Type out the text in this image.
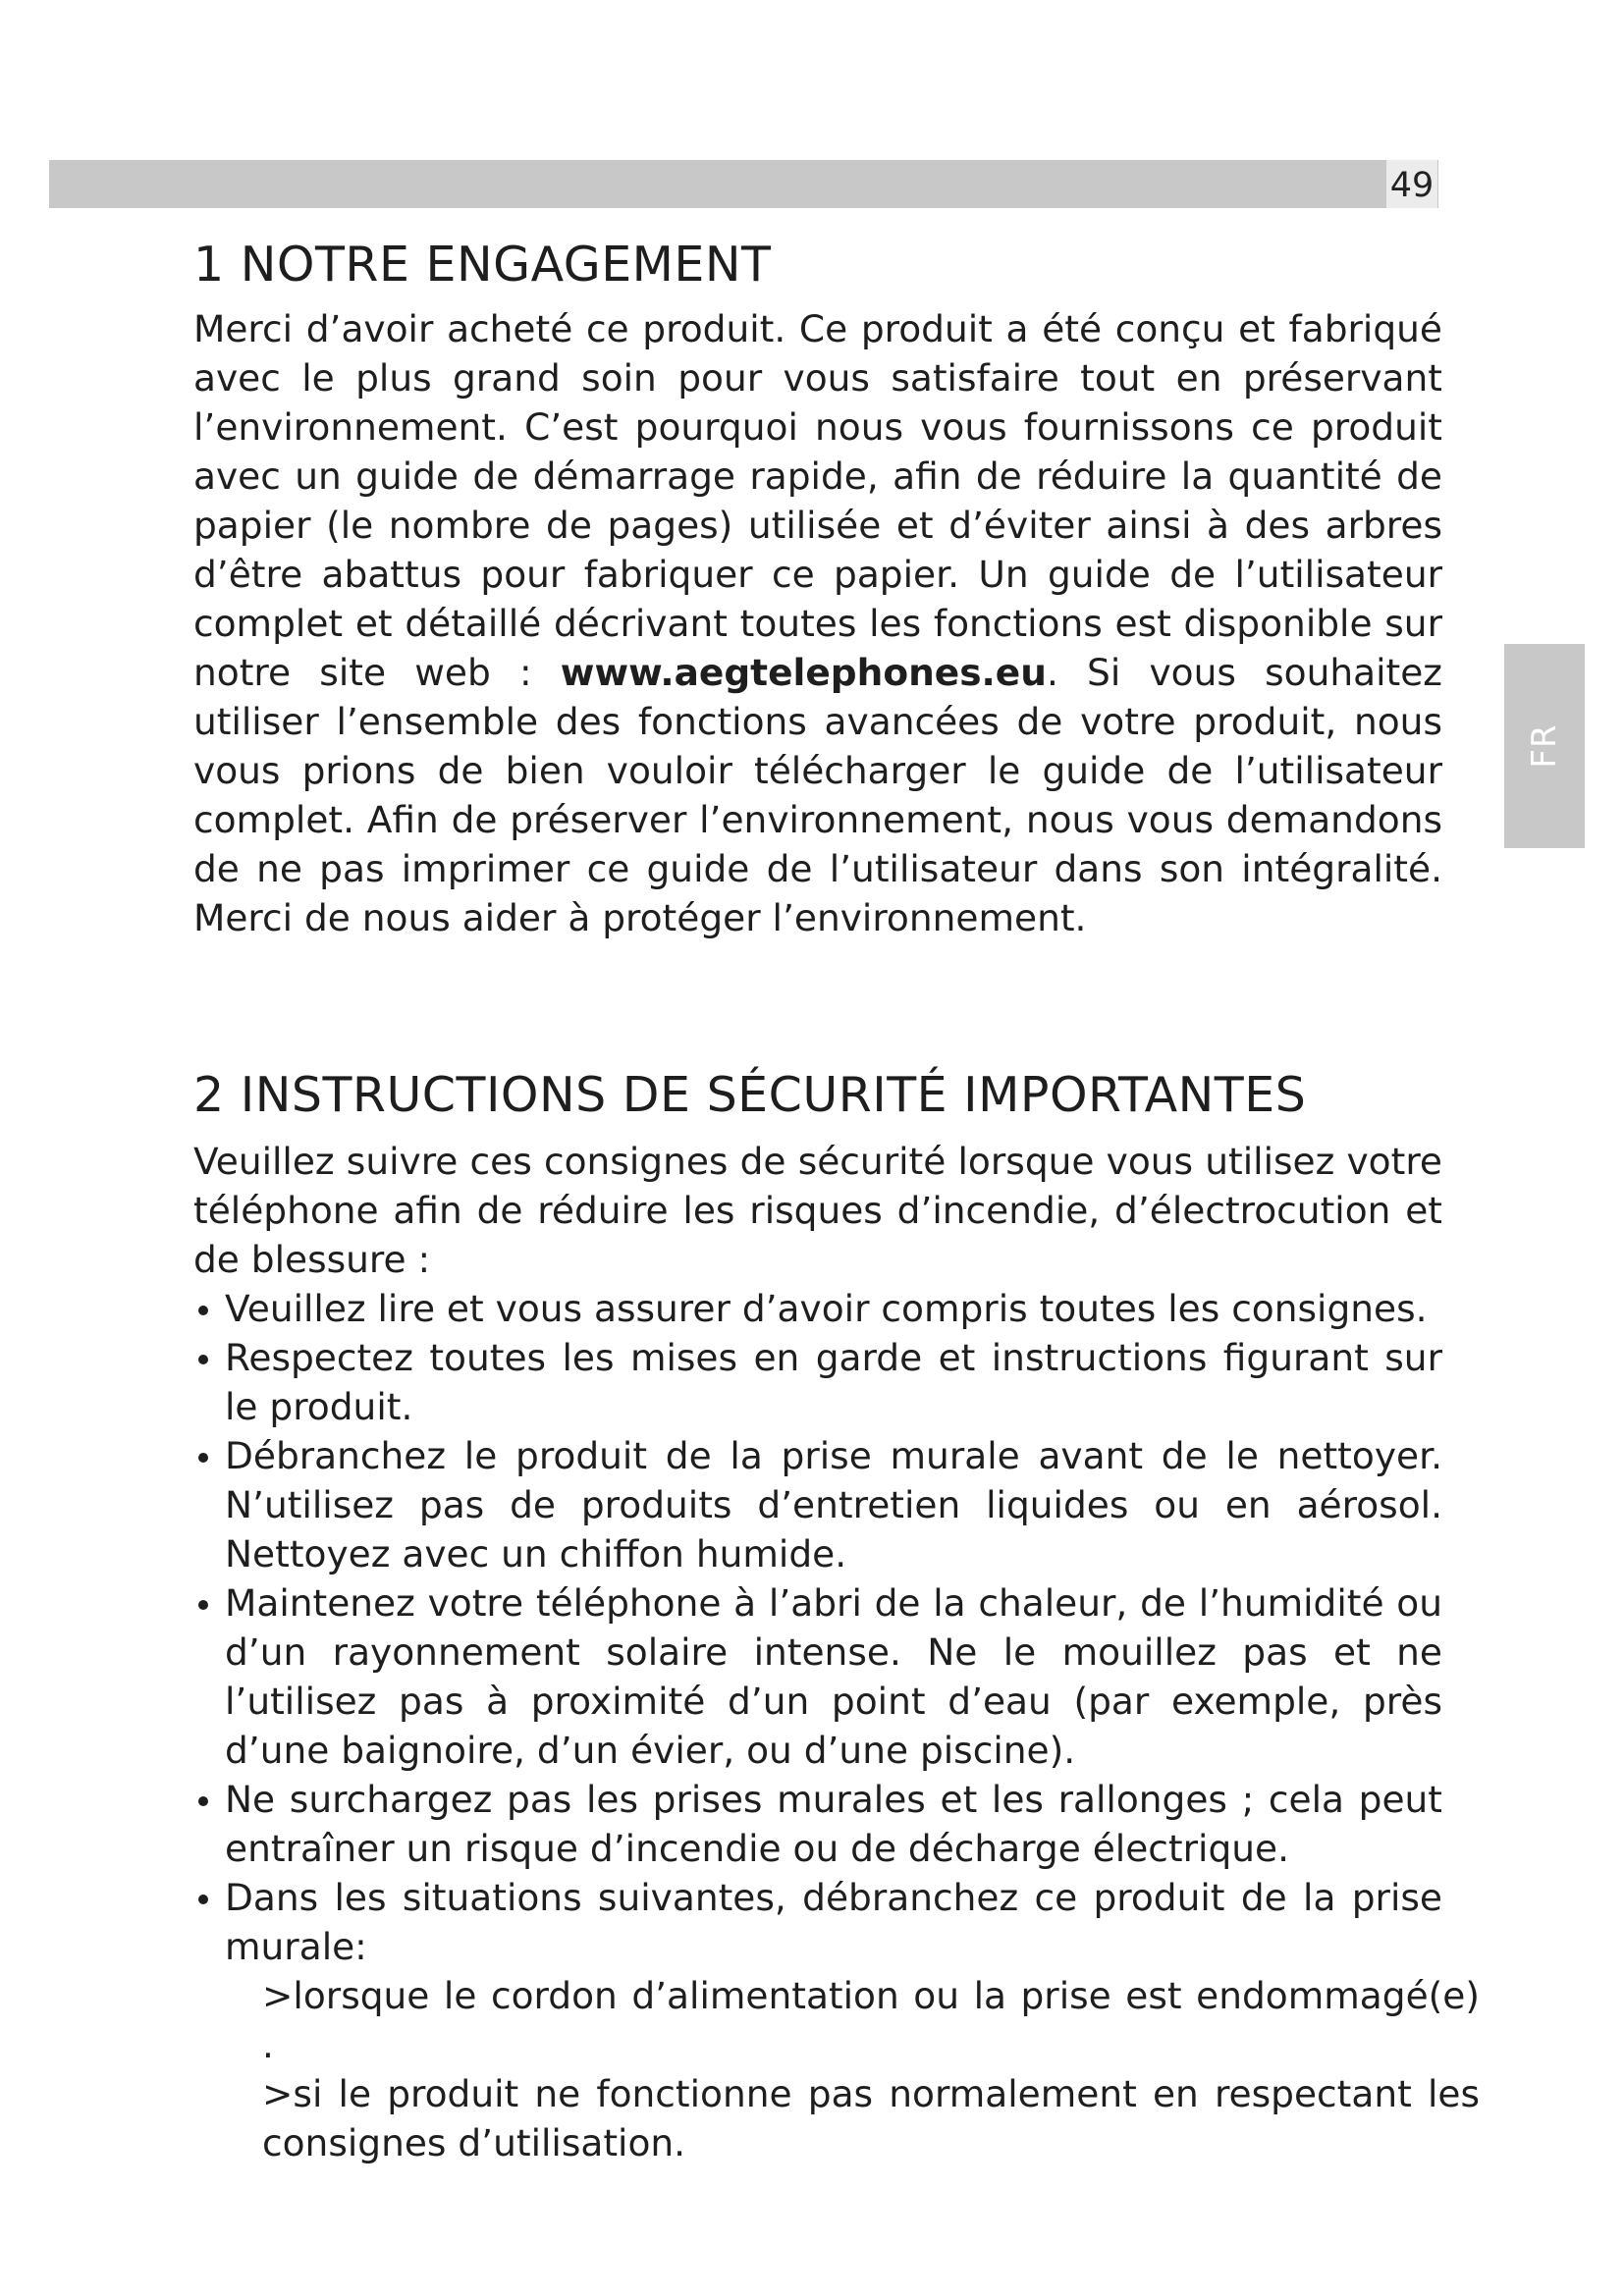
49
FR
1 NOTRE ENGAGEMENT

Merci d’avoir acheté ce produit. Ce produit a été conçu et fabriqué avec le plus grand soin pour vous satisfaire tout en préservant l’environnement. C’est pourquoi nous vous fournissons ce produit avec un guide de démarrage rapide, afin de réduire la quantité de papier (le nombre de pages) utilisée et d’éviter ainsi à des arbres d’être abattus pour fabriquer ce papier. Un guide de l’utilisateur complet et détaillé décrivant toutes les fonctions est disponible sur notre site web : www.aegtelephones.eu. Si vous souhaitez utiliser l’ensemble des fonctions avancées de votre produit, nous vous prions de bien vouloir télécharger le guide de l’utilisateur complet. Afin de préserver l’environnement, nous vous demandons de ne pas imprimer ce guide de l’utilisateur dans son intégralité. Merci de nous aider à protéger l’environnement.

2 INSTRUCTIONS DE SÉCURITÉ IMPORTANTES

Veuillez suivre ces consignes de sécurité lorsque vous utilisez votre téléphone afin de réduire les risques d’incendie, d’électrocution et de blessure :

Veuillez lire et vous assurer d’avoir compris toutes les consignes.
Respectez toutes les mises en garde et instructions figurant sur le produit.
Débranchez le produit de la prise murale avant de le nettoyer. N’utilisez pas de produits d’entretien liquides ou en aérosol. Nettoyez avec un chiffon humide.
Maintenez votre téléphone à l’abri de la chaleur, de l’humidité ou d’un rayonnement solaire intense. Ne le mouillez pas et ne l’utilisez pas à proximité d’un point d’eau (par exemple, près d’une baignoire, d’un évier, ou d’une piscine).
Ne surchargez pas les prises murales et les rallonges ; cela peut entraîner un risque d’incendie ou de décharge électrique.
Dans les situations suivantes, débranchez ce produit de la prise murale:
>lorsque le cordon d’alimentation ou la prise est endommagé(e) .
>si le produit ne fonctionne pas normalement en respectant les consignes d’utilisation.
